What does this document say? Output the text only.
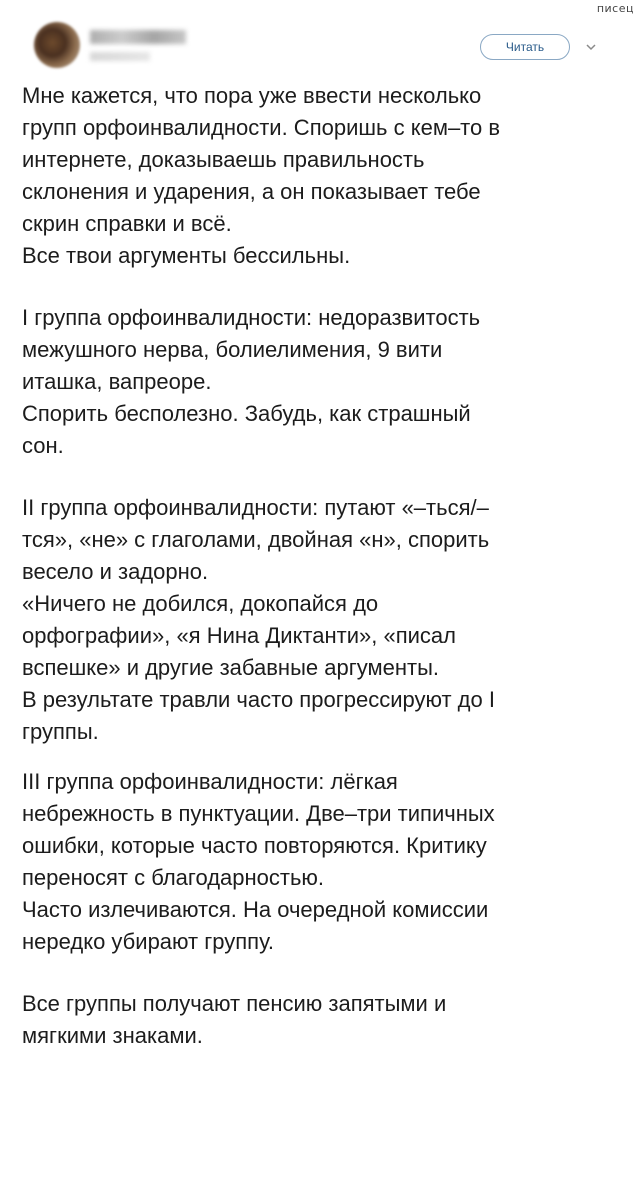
писец
Читать
Мне кажется, что пора уже ввести несколько
групп орфоинвалидности. Споришь с кем–то в
интернете, доказываешь правильность
склонения и ударения, а он показывает тебе
скрин справки и всё.
Все твои аргументы бессильны.
I группа орфоинвалидности: недоразвитость
межушного нерва, болиелимения, 9 вити
иташка, вапреоре.
Спорить бесполезно. Забудь, как страшный
сон.
II группа орфоинвалидности: путают «–ться/–
тся», «не» с глаголами, двойная «н», спорить
весело и задорно.
«Ничего не добился, докопайся до
орфографии», «я Нина Диктанти», «писал
вспешке» и другие забавные аргументы.
В результате травли часто прогрессируют до I
группы.
III группа орфоинвалидности: лёгкая
небрежность в пунктуации. Две–три типичных
ошибки, которые часто повторяются. Критику
переносят с благодарностью.
Часто излечиваются. На очередной комиссии
нередко убирают группу.
Все группы получают пенсию запятыми и
мягкими знаками.
